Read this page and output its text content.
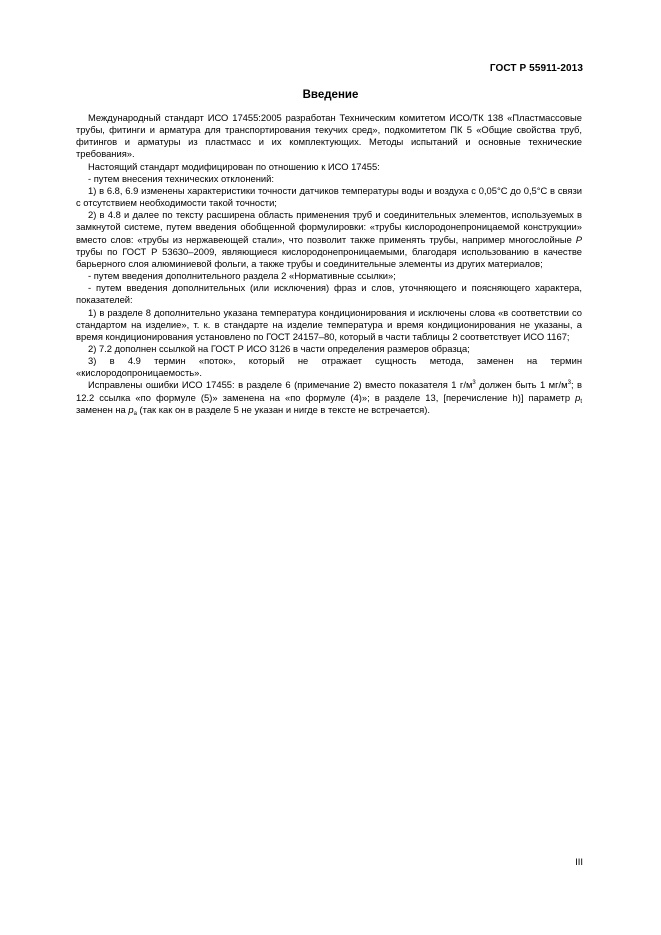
ГОСТ Р 55911-2013
Введение

Международный стандарт ИСО 17455:2005 разработан Техническим комитетом ИСО/ТК 138 «Пластмассовые трубы, фитинги и арматура для транспортирования текучих сред», подкомитетом ПК 5 «Общие свойства труб, фитингов и арматуры из пластмасс и их комплектующих. Методы испытаний и основные технические требования».

Настоящий стандарт модифицирован по отношению к ИСО 17455:

- путем внесения технических отклонений:

1) в 6.8, 6.9 изменены характеристики точности датчиков температуры воды и воздуха с 0,05°С до 0,5°С в связи с отсутствием необходимости такой точности;

2) в 4.8 и далее по тексту расширена область применения труб и соединительных элементов, используемых в замкнутой системе, путем введения обобщенной формулировки: «трубы кислородонепроницаемой конструкции» вместо слов: «трубы из нержавеющей стали», что позволит также применять трубы, например многослойные P трубы по ГОСТ Р 53630–2009, являющиеся кислородонепроницаемыми, благодаря использованию в качестве барьерного слоя алюминиевой фольги, а также трубы и соединительные элементы из других материалов;

- путем введения дополнительного раздела 2 «Нормативные ссылки»;

- путем введения дополнительных (или исключения) фраз и слов, уточняющего и поясняющего характера, показателей:

1) в разделе 8 дополнительно указана температура кондиционирования и исключены слова «в соответствии со стандартом на изделие», т. к. в стандарте на изделие температура и время кондиционирования не указаны, а время кондиционирования установлено по ГОСТ 24157–80, который в части таблицы 2 соответствует ИСО 1167;

2) 7.2 дополнен ссылкой на ГОСТ Р ИСО 3126 в части определения размеров образца;

3) в 4.9 термин «поток», который не отражает сущность метода, заменен на термин «кислородопроницаемость».

Исправлены ошибки ИСО 17455: в разделе 6 (примечание 2) вместо показателя 1 $г/м^3$ должен быть 1 $мг/м^3$; в 12.2 ссылка «по формуле (5)» заменена на «по формуле (4)»; в разделе 13, [перечисление h)] параметр $p_t$ заменен на $p_a$ (так как он в разделе 5 не указан и нигде в тексте не встречается).

III
